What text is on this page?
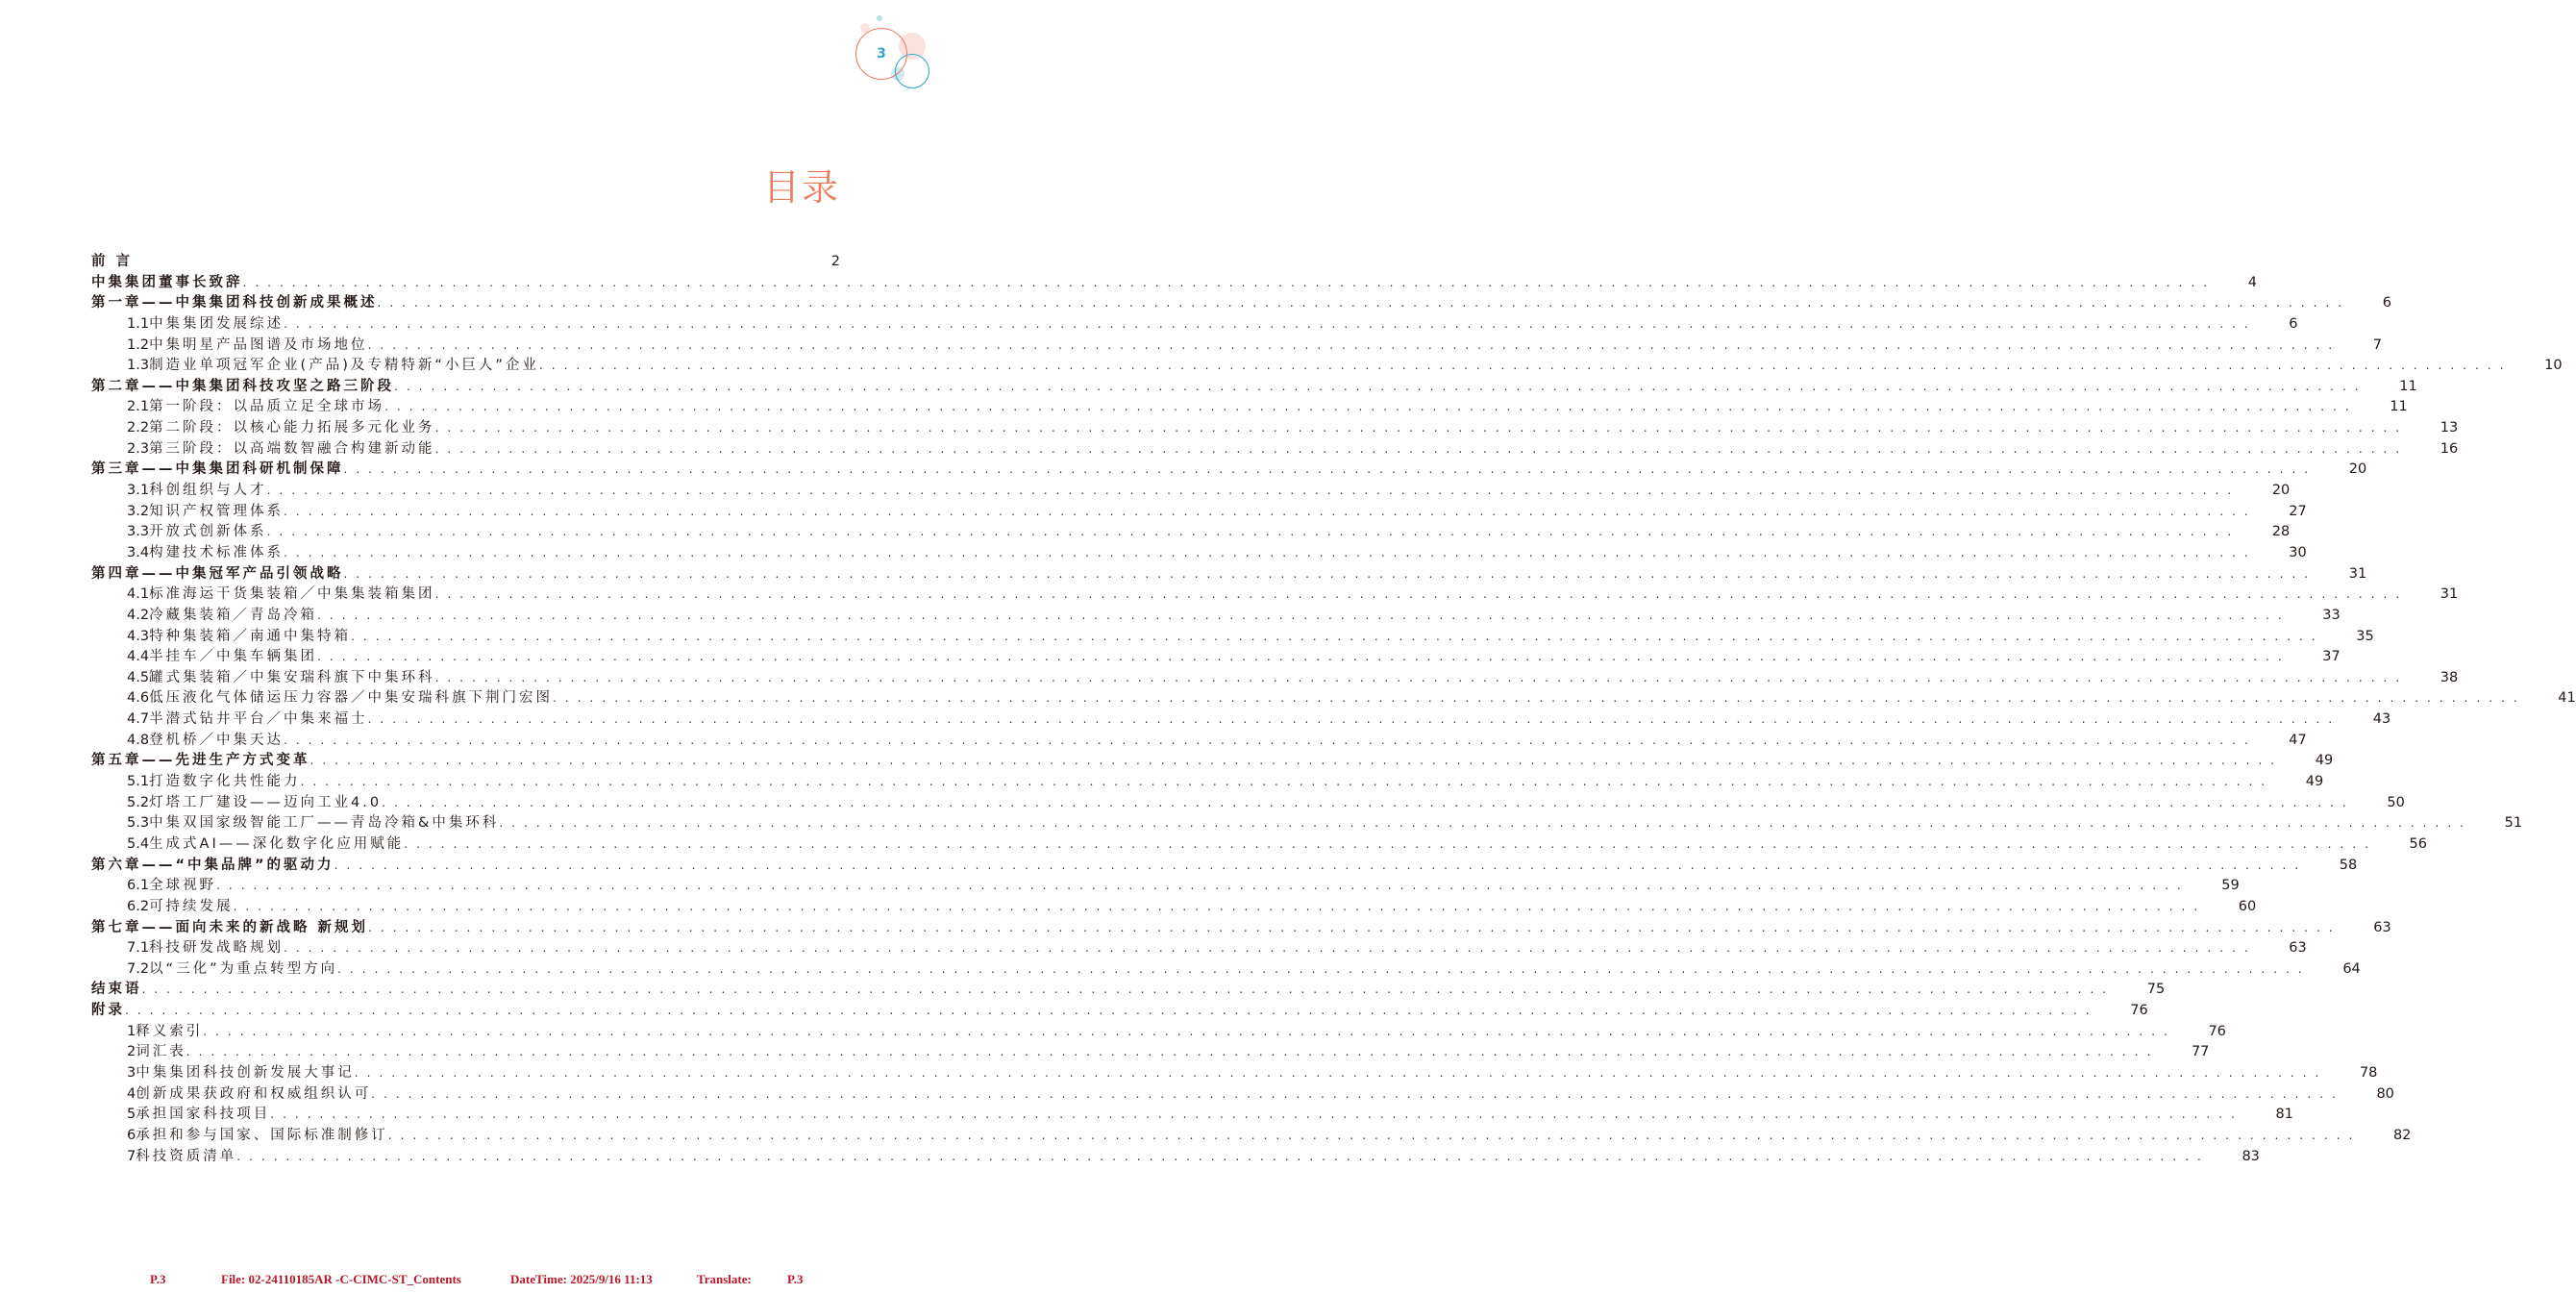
3
目录
前 言	2
中集集团董事长致辞 . . . . . . . . . . . . . . . . . . . . . . . . . . . . . . . . . . . . . . . . . . . . . . . . . . . . . . . . . . . . . . . . . . . . . . . . . . . . . . . . . . . . . . . . . . . . . . . . . . . . . . . . . . . . . . . . . . . . . . . . . . . . . . . . . . . . . . . . . . . . . . . . . . . . . . . . . . . . . . . .	4
第一章——中集集团科技创新成果概述 . . . . . . . . . . . . . . . . . . . . . . . . . . . . . . . . . . . . . . . . . . . . . . . . . . . . . . . . . . . . . . . . . . . . . . . . . . . . . . . . . . . . . . . . . . . . . . . . . . . . . . . . . . . . . . . . . . . . . . . . . . . . . . . . . . . . . . . . . . . . . . . . . . . . . . . . . . . . . . . .	6
1.1 中集集团发展综述 . . . . . . . . . . . . . . . . . . . . . . . . . . . . . . . . . . . . . . . . . . . . . . . . . . . . . . . . . . . . . . . . . . . . . . . . . . . . . . . . . . . . . . . . . . . . . . . . . . . . . . . . . . . . . . . . . . . . . . . . . . . . . . . . . . . . . . . . . . . . . . . . . . . . . . . . . . . . . . . .	6
1.2 中集明星产品图谱及市场地位 . . . . . . . . . . . . . . . . . . . . . . . . . . . . . . . . . . . . . . . . . . . . . . . . . . . . . . . . . . . . . . . . . . . . . . . . . . . . . . . . . . . . . . . . . . . . . . . . . . . . . . . . . . . . . . . . . . . . . . . . . . . . . . . . . . . . . . . . . . . . . . . . . . . . . . . . . . . . . . . .	7
1.3 制造业单项冠军企业(产品)及专精特新“小巨人”企业 . . . . . . . . . . . . . . . . . . . . . . . . . . . . . . . . . . . . . . . . . . . . . . . . . . . . . . . . . . . . . . . . . . . . . . . . . . . . . . . . . . . . . . . . . . . . . . . . . . . . . . . . . . . . . . . . . . . . . . . . . . . . . . . . . . . . . . . . . . . . . . . . . . . . . . . . . . . . . . . .	10
第二章——中集集团科技攻坚之路三阶段 . . . . . . . . . . . . . . . . . . . . . . . . . . . . . . . . . . . . . . . . . . . . . . . . . . . . . . . . . . . . . . . . . . . . . . . . . . . . . . . . . . . . . . . . . . . . . . . . . . . . . . . . . . . . . . . . . . . . . . . . . . . . . . . . . . . . . . . . . . . . . . . . . . . . . . . . . . . . . . . .	11
2.1 第一阶段：以品质立足全球市场 . . . . . . . . . . . . . . . . . . . . . . . . . . . . . . . . . . . . . . . . . . . . . . . . . . . . . . . . . . . . . . . . . . . . . . . . . . . . . . . . . . . . . . . . . . . . . . . . . . . . . . . . . . . . . . . . . . . . . . . . . . . . . . . . . . . . . . . . . . . . . . . . . . . . . . . . . . . . . . . .	11
2.2 第二阶段：以核心能力拓展多元化业务 . . . . . . . . . . . . . . . . . . . . . . . . . . . . . . . . . . . . . . . . . . . . . . . . . . . . . . . . . . . . . . . . . . . . . . . . . . . . . . . . . . . . . . . . . . . . . . . . . . . . . . . . . . . . . . . . . . . . . . . . . . . . . . . . . . . . . . . . . . . . . . . . . . . . . . . . . . . . . . . .	13
2.3 第三阶段：以高端数智融合构建新动能 . . . . . . . . . . . . . . . . . . . . . . . . . . . . . . . . . . . . . . . . . . . . . . . . . . . . . . . . . . . . . . . . . . . . . . . . . . . . . . . . . . . . . . . . . . . . . . . . . . . . . . . . . . . . . . . . . . . . . . . . . . . . . . . . . . . . . . . . . . . . . . . . . . . . . . . . . . . . . . . .	16
第三章——中集集团科研机制保障 . . . . . . . . . . . . . . . . . . . . . . . . . . . . . . . . . . . . . . . . . . . . . . . . . . . . . . . . . . . . . . . . . . . . . . . . . . . . . . . . . . . . . . . . . . . . . . . . . . . . . . . . . . . . . . . . . . . . . . . . . . . . . . . . . . . . . . . . . . . . . . . . . . . . . . . . . . . . . . . .	20
3.1 科创组织与人才 . . . . . . . . . . . . . . . . . . . . . . . . . . . . . . . . . . . . . . . . . . . . . . . . . . . . . . . . . . . . . . . . . . . . . . . . . . . . . . . . . . . . . . . . . . . . . . . . . . . . . . . . . . . . . . . . . . . . . . . . . . . . . . . . . . . . . . . . . . . . . . . . . . . . . . . . . . . . . . . .	20
3.2 知识产权管理体系 . . . . . . . . . . . . . . . . . . . . . . . . . . . . . . . . . . . . . . . . . . . . . . . . . . . . . . . . . . . . . . . . . . . . . . . . . . . . . . . . . . . . . . . . . . . . . . . . . . . . . . . . . . . . . . . . . . . . . . . . . . . . . . . . . . . . . . . . . . . . . . . . . . . . . . . . . . . . . . . .	27
3.3 开放式创新体系 . . . . . . . . . . . . . . . . . . . . . . . . . . . . . . . . . . . . . . . . . . . . . . . . . . . . . . . . . . . . . . . . . . . . . . . . . . . . . . . . . . . . . . . . . . . . . . . . . . . . . . . . . . . . . . . . . . . . . . . . . . . . . . . . . . . . . . . . . . . . . . . . . . . . . . . . . . . . . . . .	28
3.4 构建技术标准体系 . . . . . . . . . . . . . . . . . . . . . . . . . . . . . . . . . . . . . . . . . . . . . . . . . . . . . . . . . . . . . . . . . . . . . . . . . . . . . . . . . . . . . . . . . . . . . . . . . . . . . . . . . . . . . . . . . . . . . . . . . . . . . . . . . . . . . . . . . . . . . . . . . . . . . . . . . . . . . . . .	30
第四章——中集冠军产品引领战略 . . . . . . . . . . . . . . . . . . . . . . . . . . . . . . . . . . . . . . . . . . . . . . . . . . . . . . . . . . . . . . . . . . . . . . . . . . . . . . . . . . . . . . . . . . . . . . . . . . . . . . . . . . . . . . . . . . . . . . . . . . . . . . . . . . . . . . . . . . . . . . . . . . . . . . . . . . . . . . . .	31
4.1 标准海运干货集装箱／中集集装箱集团 . . . . . . . . . . . . . . . . . . . . . . . . . . . . . . . . . . . . . . . . . . . . . . . . . . . . . . . . . . . . . . . . . . . . . . . . . . . . . . . . . . . . . . . . . . . . . . . . . . . . . . . . . . . . . . . . . . . . . . . . . . . . . . . . . . . . . . . . . . . . . . . . . . . . . . . . . . . . . . . .	31
4.2 冷藏集装箱／青岛冷箱 . . . . . . . . . . . . . . . . . . . . . . . . . . . . . . . . . . . . . . . . . . . . . . . . . . . . . . . . . . . . . . . . . . . . . . . . . . . . . . . . . . . . . . . . . . . . . . . . . . . . . . . . . . . . . . . . . . . . . . . . . . . . . . . . . . . . . . . . . . . . . . . . . . . . . . . . . . . . . . . .	33
4.3 特种集装箱／南通中集特箱 . . . . . . . . . . . . . . . . . . . . . . . . . . . . . . . . . . . . . . . . . . . . . . . . . . . . . . . . . . . . . . . . . . . . . . . . . . . . . . . . . . . . . . . . . . . . . . . . . . . . . . . . . . . . . . . . . . . . . . . . . . . . . . . . . . . . . . . . . . . . . . . . . . . . . . . . . . . . . . . .	35
4.4 半挂车／中集车辆集团 . . . . . . . . . . . . . . . . . . . . . . . . . . . . . . . . . . . . . . . . . . . . . . . . . . . . . . . . . . . . . . . . . . . . . . . . . . . . . . . . . . . . . . . . . . . . . . . . . . . . . . . . . . . . . . . . . . . . . . . . . . . . . . . . . . . . . . . . . . . . . . . . . . . . . . . . . . . . . . . .	37
4.5 罐式集装箱／中集安瑞科旗下中集环科 . . . . . . . . . . . . . . . . . . . . . . . . . . . . . . . . . . . . . . . . . . . . . . . . . . . . . . . . . . . . . . . . . . . . . . . . . . . . . . . . . . . . . . . . . . . . . . . . . . . . . . . . . . . . . . . . . . . . . . . . . . . . . . . . . . . . . . . . . . . . . . . . . . . . . . . . . . . . . . . .	38
4.6 低压液化气体储运压力容器／中集安瑞科旗下荆门宏图 . . . . . . . . . . . . . . . . . . . . . . . . . . . . . . . . . . . . . . . . . . . . . . . . . . . . . . . . . . . . . . . . . . . . . . . . . . . . . . . . . . . . . . . . . . . . . . . . . . . . . . . . . . . . . . . . . . . . . . . . . . . . . . . . . . . . . . . . . . . . . . . . . . . . . . . . . . . . . . . .	41
4.7 半潜式钻井平台／中集来福士 . . . . . . . . . . . . . . . . . . . . . . . . . . . . . . . . . . . . . . . . . . . . . . . . . . . . . . . . . . . . . . . . . . . . . . . . . . . . . . . . . . . . . . . . . . . . . . . . . . . . . . . . . . . . . . . . . . . . . . . . . . . . . . . . . . . . . . . . . . . . . . . . . . . . . . . . . . . . . . . .	43
4.8 登机桥／中集天达 . . . . . . . . . . . . . . . . . . . . . . . . . . . . . . . . . . . . . . . . . . . . . . . . . . . . . . . . . . . . . . . . . . . . . . . . . . . . . . . . . . . . . . . . . . . . . . . . . . . . . . . . . . . . . . . . . . . . . . . . . . . . . . . . . . . . . . . . . . . . . . . . . . . . . . . . . . . . . . . .	47
第五章——先进生产方式变革 . . . . . . . . . . . . . . . . . . . . . . . . . . . . . . . . . . . . . . . . . . . . . . . . . . . . . . . . . . . . . . . . . . . . . . . . . . . . . . . . . . . . . . . . . . . . . . . . . . . . . . . . . . . . . . . . . . . . . . . . . . . . . . . . . . . . . . . . . . . . . . . . . . . . . . . . . . . . . . . .	49
5.1 打造数字化共性能力 . . . . . . . . . . . . . . . . . . . . . . . . . . . . . . . . . . . . . . . . . . . . . . . . . . . . . . . . . . . . . . . . . . . . . . . . . . . . . . . . . . . . . . . . . . . . . . . . . . . . . . . . . . . . . . . . . . . . . . . . . . . . . . . . . . . . . . . . . . . . . . . . . . . . . . . . . . . . . . . .	49
5.2 灯塔工厂建设——迈向工业4.0 . . . . . . . . . . . . . . . . . . . . . . . . . . . . . . . . . . . . . . . . . . . . . . . . . . . . . . . . . . . . . . . . . . . . . . . . . . . . . . . . . . . . . . . . . . . . . . . . . . . . . . . . . . . . . . . . . . . . . . . . . . . . . . . . . . . . . . . . . . . . . . . . . . . . . . . . . . . . . . . .	50
5.3 中集双国家级智能工厂——青岛冷箱&中集环科 . . . . . . . . . . . . . . . . . . . . . . . . . . . . . . . . . . . . . . . . . . . . . . . . . . . . . . . . . . . . . . . . . . . . . . . . . . . . . . . . . . . . . . . . . . . . . . . . . . . . . . . . . . . . . . . . . . . . . . . . . . . . . . . . . . . . . . . . . . . . . . . . . . . . . . . . . . . . . . . .	51
5.4 生成式AI——深化数字化应用赋能 . . . . . . . . . . . . . . . . . . . . . . . . . . . . . . . . . . . . . . . . . . . . . . . . . . . . . . . . . . . . . . . . . . . . . . . . . . . . . . . . . . . . . . . . . . . . . . . . . . . . . . . . . . . . . . . . . . . . . . . . . . . . . . . . . . . . . . . . . . . . . . . . . . . . . . . . . . . . . . . .	56
第六章——“中集品牌”的驱动力 . . . . . . . . . . . . . . . . . . . . . . . . . . . . . . . . . . . . . . . . . . . . . . . . . . . . . . . . . . . . . . . . . . . . . . . . . . . . . . . . . . . . . . . . . . . . . . . . . . . . . . . . . . . . . . . . . . . . . . . . . . . . . . . . . . . . . . . . . . . . . . . . . . . . . . . . . . . . . . . .	58
6.1 全球视野 . . . . . . . . . . . . . . . . . . . . . . . . . . . . . . . . . . . . . . . . . . . . . . . . . . . . . . . . . . . . . . . . . . . . . . . . . . . . . . . . . . . . . . . . . . . . . . . . . . . . . . . . . . . . . . . . . . . . . . . . . . . . . . . . . . . . . . . . . . . . . . . . . . . . . . . . . . . . . . . .	59
6.2 可持续发展 . . . . . . . . . . . . . . . . . . . . . . . . . . . . . . . . . . . . . . . . . . . . . . . . . . . . . . . . . . . . . . . . . . . . . . . . . . . . . . . . . . . . . . . . . . . . . . . . . . . . . . . . . . . . . . . . . . . . . . . . . . . . . . . . . . . . . . . . . . . . . . . . . . . . . . . . . . . . . . . .	60
第七章——面向未来的新战略 新规划 . . . . . . . . . . . . . . . . . . . . . . . . . . . . . . . . . . . . . . . . . . . . . . . . . . . . . . . . . . . . . . . . . . . . . . . . . . . . . . . . . . . . . . . . . . . . . . . . . . . . . . . . . . . . . . . . . . . . . . . . . . . . . . . . . . . . . . . . . . . . . . . . . . . . . . . . . . . . . . . .	63
7.1 科技研发战略规划 . . . . . . . . . . . . . . . . . . . . . . . . . . . . . . . . . . . . . . . . . . . . . . . . . . . . . . . . . . . . . . . . . . . . . . . . . . . . . . . . . . . . . . . . . . . . . . . . . . . . . . . . . . . . . . . . . . . . . . . . . . . . . . . . . . . . . . . . . . . . . . . . . . . . . . . . . . . . . . . .	63
7.2 以“三化”为重点转型方向 . . . . . . . . . . . . . . . . . . . . . . . . . . . . . . . . . . . . . . . . . . . . . . . . . . . . . . . . . . . . . . . . . . . . . . . . . . . . . . . . . . . . . . . . . . . . . . . . . . . . . . . . . . . . . . . . . . . . . . . . . . . . . . . . . . . . . . . . . . . . . . . . . . . . . . . . . . . . . . . .	64
结束语 . . . . . . . . . . . . . . . . . . . . . . . . . . . . . . . . . . . . . . . . . . . . . . . . . . . . . . . . . . . . . . . . . . . . . . . . . . . . . . . . . . . . . . . . . . . . . . . . . . . . . . . . . . . . . . . . . . . . . . . . . . . . . . . . . . . . . . . . . . . . . . . . . . . . . . . . . . . . . . . .	75
附录 . . . . . . . . . . . . . . . . . . . . . . . . . . . . . . . . . . . . . . . . . . . . . . . . . . . . . . . . . . . . . . . . . . . . . . . . . . . . . . . . . . . . . . . . . . . . . . . . . . . . . . . . . . . . . . . . . . . . . . . . . . . . . . . . . . . . . . . . . . . . . . . . . . . . . . . . . . . . . . . .	76
1 释义索引 . . . . . . . . . . . . . . . . . . . . . . . . . . . . . . . . . . . . . . . . . . . . . . . . . . . . . . . . . . . . . . . . . . . . . . . . . . . . . . . . . . . . . . . . . . . . . . . . . . . . . . . . . . . . . . . . . . . . . . . . . . . . . . . . . . . . . . . . . . . . . . . . . . . . . . . . . . . . . . . .	76
2 词汇表 . . . . . . . . . . . . . . . . . . . . . . . . . . . . . . . . . . . . . . . . . . . . . . . . . . . . . . . . . . . . . . . . . . . . . . . . . . . . . . . . . . . . . . . . . . . . . . . . . . . . . . . . . . . . . . . . . . . . . . . . . . . . . . . . . . . . . . . . . . . . . . . . . . . . . . . . . . . . . . . .	77
3 中集集团科技创新发展大事记 . . . . . . . . . . . . . . . . . . . . . . . . . . . . . . . . . . . . . . . . . . . . . . . . . . . . . . . . . . . . . . . . . . . . . . . . . . . . . . . . . . . . . . . . . . . . . . . . . . . . . . . . . . . . . . . . . . . . . . . . . . . . . . . . . . . . . . . . . . . . . . . . . . . . . . . . . . . . . . . .	78
4 创新成果获政府和权威组织认可 . . . . . . . . . . . . . . . . . . . . . . . . . . . . . . . . . . . . . . . . . . . . . . . . . . . . . . . . . . . . . . . . . . . . . . . . . . . . . . . . . . . . . . . . . . . . . . . . . . . . . . . . . . . . . . . . . . . . . . . . . . . . . . . . . . . . . . . . . . . . . . . . . . . . . . . . . . . . . . . .	80
5 承担国家科技项目 . . . . . . . . . . . . . . . . . . . . . . . . . . . . . . . . . . . . . . . . . . . . . . . . . . . . . . . . . . . . . . . . . . . . . . . . . . . . . . . . . . . . . . . . . . . . . . . . . . . . . . . . . . . . . . . . . . . . . . . . . . . . . . . . . . . . . . . . . . . . . . . . . . . . . . . . . . . . . . . .	81
6 承担和参与国家、国际标准制修订 . . . . . . . . . . . . . . . . . . . . . . . . . . . . . . . . . . . . . . . . . . . . . . . . . . . . . . . . . . . . . . . . . . . . . . . . . . . . . . . . . . . . . . . . . . . . . . . . . . . . . . . . . . . . . . . . . . . . . . . . . . . . . . . . . . . . . . . . . . . . . . . . . . . . . . . . . . . . . . . .	82
7 科技资质清单 . . . . . . . . . . . . . . . . . . . . . . . . . . . . . . . . . . . . . . . . . . . . . . . . . . . . . . . . . . . . . . . . . . . . . . . . . . . . . . . . . . . . . . . . . . . . . . . . . . . . . . . . . . . . . . . . . . . . . . . . . . . . . . . . . . . . . . . . . . . . . . . . . . . . . . . . . . . . . . . .	83
P.3	File: 02-24110185AR -C-CIMC-ST_Contents	DateTime: 2025/9/16 11:13	Translate:	P.3
